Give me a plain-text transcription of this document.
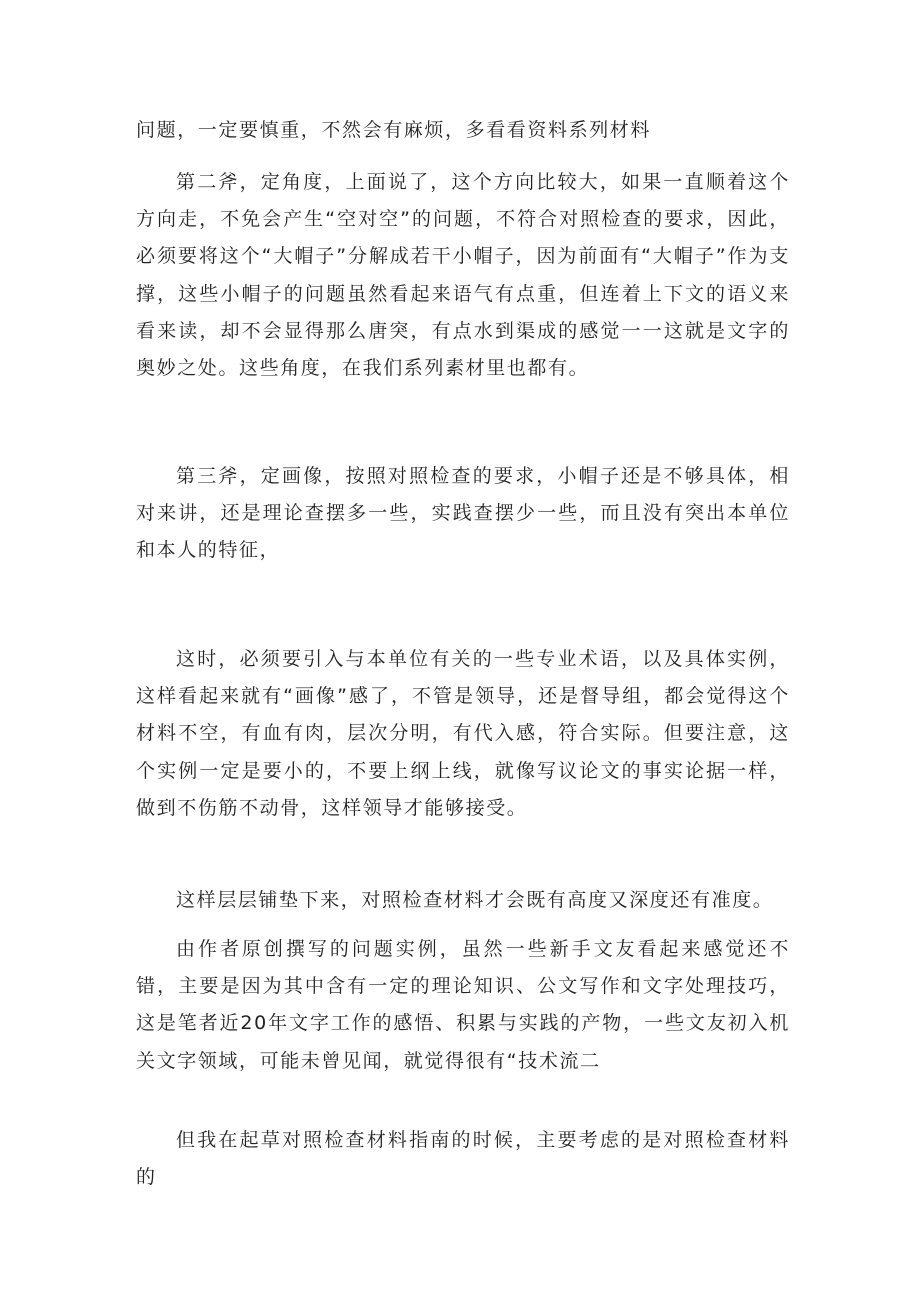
问题，一定要慎重，不然会有麻烦，多看看资料系列材料

第二斧，定角度，上面说了，这个方向比较大，如果一直顺着这个方向走，不免会产生“空对空”的问题，不符合对照检查的要求，因此，必须要将这个“大帽子”分解成若干小帽子，因为前面有“大帽子”作为支撑，这些小帽子的问题虽然看起来语气有点重，但连着上下文的语义来看来读，却不会显得那么唐突，有点水到渠成的感觉一一这就是文字的奥妙之处。这些角度，在我们系列素材里也都有。

第三斧，定画像，按照对照检查的要求，小帽子还是不够具体，相对来讲，还是理论查摆多一些，实践查摆少一些，而且没有突出本单位和本人的特征，

这时，必须要引入与本单位有关的一些专业术语，以及具体实例，这样看起来就有“画像”感了，不管是领导，还是督导组，都会觉得这个材料不空，有血有肉，层次分明，有代入感，符合实际。但要注意，这个实例一定是要小的，不要上纲上线，就像写议论文的事实论据一样，做到不伤筋不动骨，这样领导才能够接受。

这样层层铺垫下来，对照检查材料才会既有高度又深度还有准度。

由作者原创撰写的问题实例，虽然一些新手文友看起来感觉还不错，主要是因为其中含有一定的理论知识、公文写作和文字处理技巧，这是笔者近20年文字工作的感悟、积累与实践的产物，一些文友初入机关文字领域，可能未曾见闻，就觉得很有“技术流二

但我在起草对照检查材料指南的时候，主要考虑的是对照检查材料的
